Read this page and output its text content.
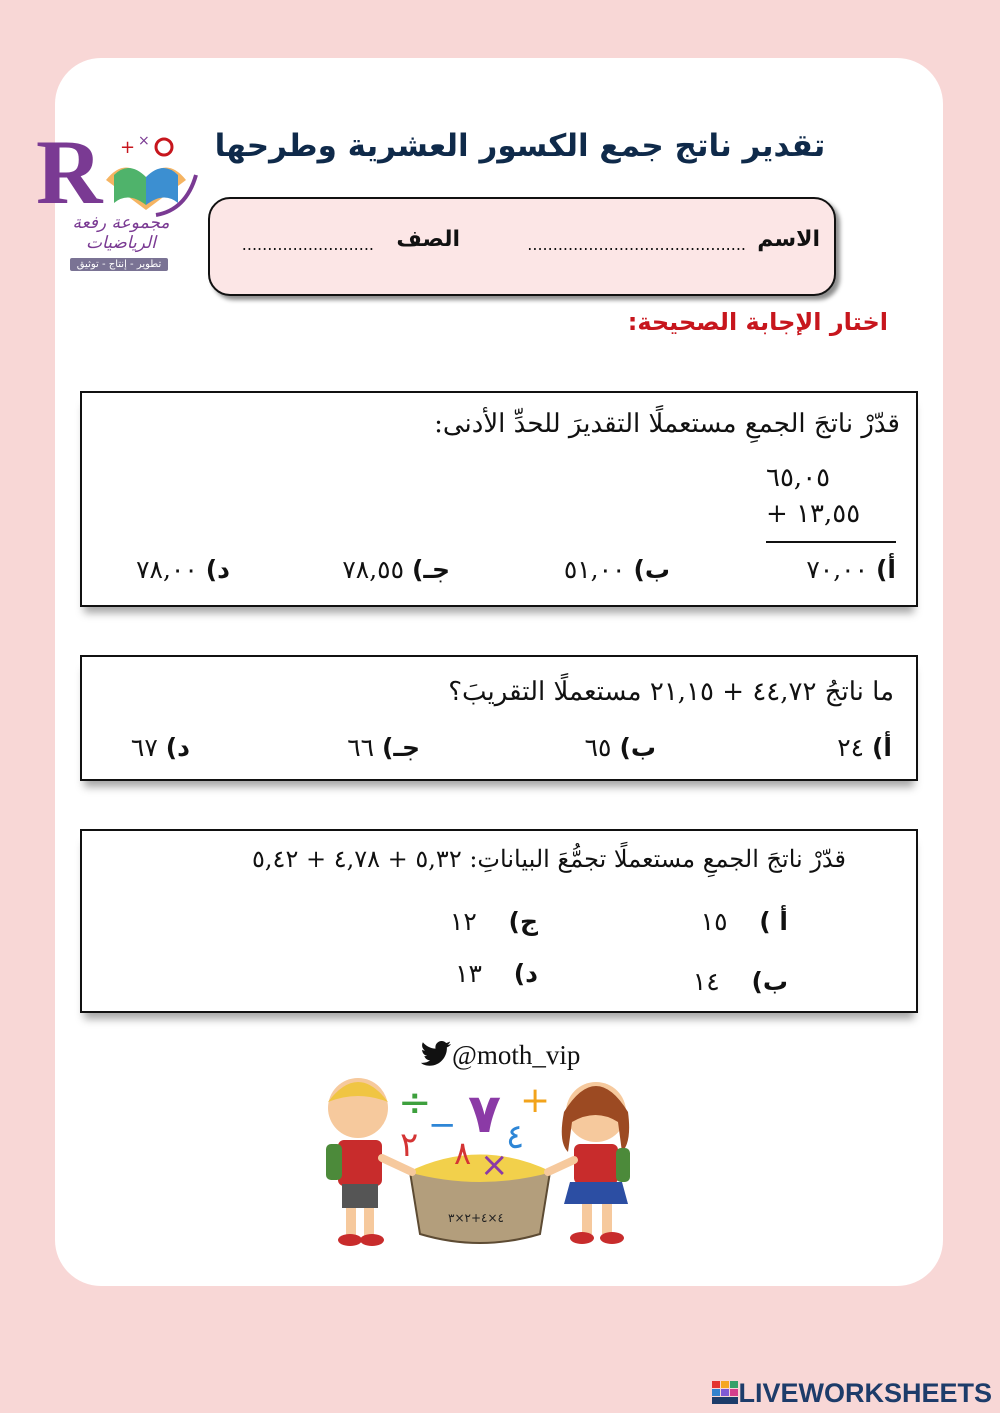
R + ×
مجموعة رفعة الرياضيات
تطوير - إنتاج - توثيق
تقدير ناتج جمع الكسور العشرية وطرحها
الاسم
...........................................
الصف
..........................
اختار الإجابة الصحيحة:
قدّرْ ناتجَ الجمعِ مستعملًا التقديرَ للحدِّ الأدنى:
٦٥,٠٥
+ ١٣,٥٥
أ) ٧٠,٠٠
ب) ٥١,٠٠
جـ) ٧٨,٥٥
د) ٧٨,٠٠
ما ناتجُ ٤٤,٧٢ + ٢١,١٥ مستعملًا التقريبَ؟
أ) ٢٤
ب) ٦٥
جـ) ٦٦
د) ٦٧
قدّرْ ناتجَ الجمعِ مستعملًا تجمُّعَ البياناتِ: ٥,٣٢ + ٤,٧٨ + ٥,٤٢
أ )    ١٥
ج)    ١٢
ب)    ١٤
د)    ١٣
@moth_vip
٤×٤+٢×٣
÷ ٧ +
−
×
٢	٤
٨
LIVEWORKSHEETS
